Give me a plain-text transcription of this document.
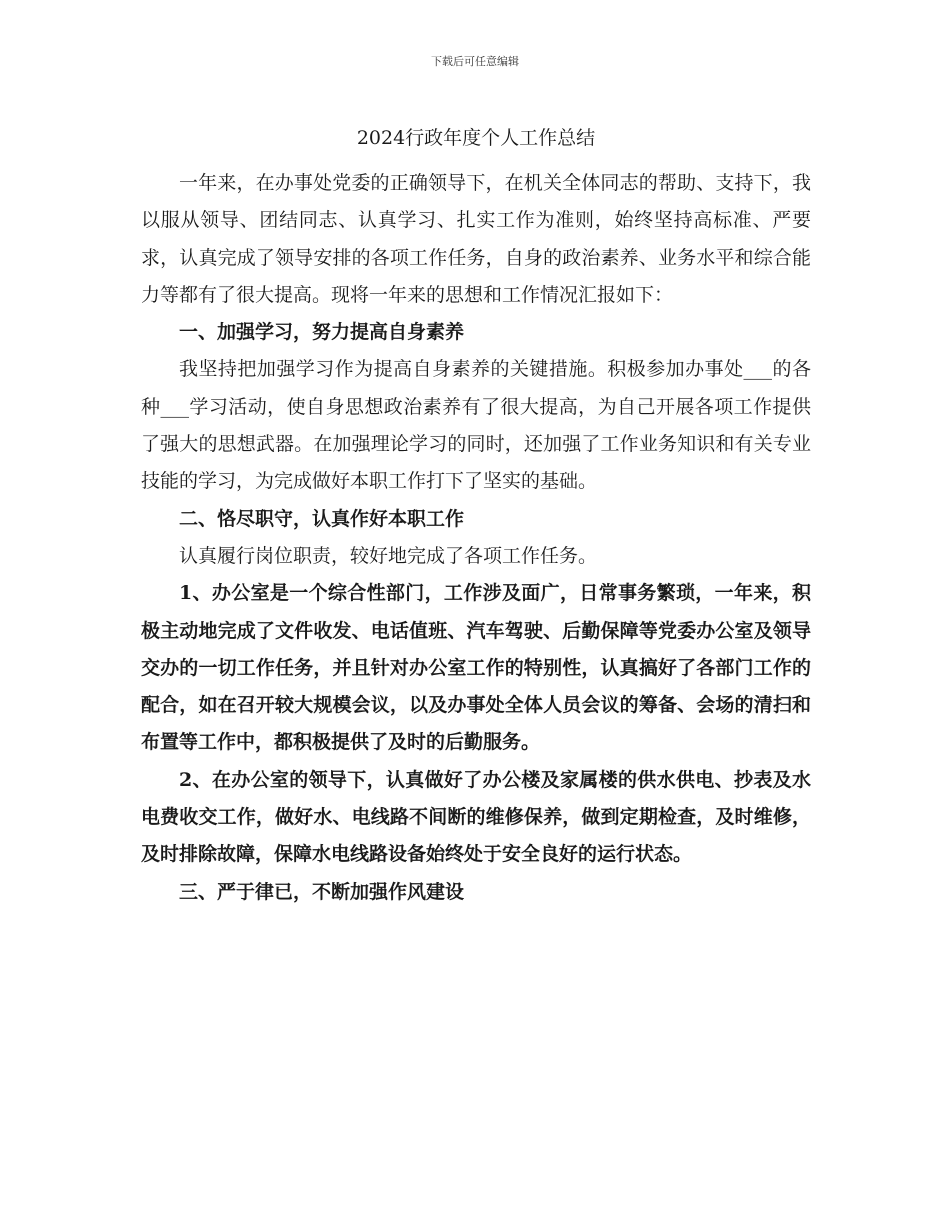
下载后可任意编辑
2024行政年度个人工作总结

一年来，在办事处党委的正确领导下，在机关全体同志的帮助、支持下，我以服从领导、团结同志、认真学习、扎实工作为准则，始终坚持高标准、严要求，认真完成了领导安排的各项工作任务，自身的政治素养、业务水平和综合能力等都有了很大提高。现将一年来的思想和工作情况汇报如下：

一、加强学习，努力提高自身素养

我坚持把加强学习作为提高自身素养的关键措施。积极参加办事处___的各种___学习活动，使自身思想政治素养有了很大提高，为自己开展各项工作提供了强大的思想武器。在加强理论学习的同时，还加强了工作业务知识和有关专业技能的学习，为完成做好本职工作打下了坚实的基础。

二、恪尽职守，认真作好本职工作

认真履行岗位职责，较好地完成了各项工作任务。

1、办公室是一个综合性部门，工作涉及面广，日常事务繁琐，一年来，积极主动地完成了文件收发、电话值班、汽车驾驶、后勤保障等党委办公室及领导交办的一切工作任务，并且针对办公室工作的特别性，认真搞好了各部门工作的配合，如在召开较大规模会议，以及办事处全体人员会议的筹备、会场的清扫和布置等工作中，都积极提供了及时的后勤服务。

2、在办公室的领导下，认真做好了办公楼及家属楼的供水供电、抄表及水电费收交工作，做好水、电线路不间断的维修保养，做到定期检查，及时维修，及时排除故障，保障水电线路设备始终处于安全良好的运行状态。

三、严于律已，不断加强作风建设
